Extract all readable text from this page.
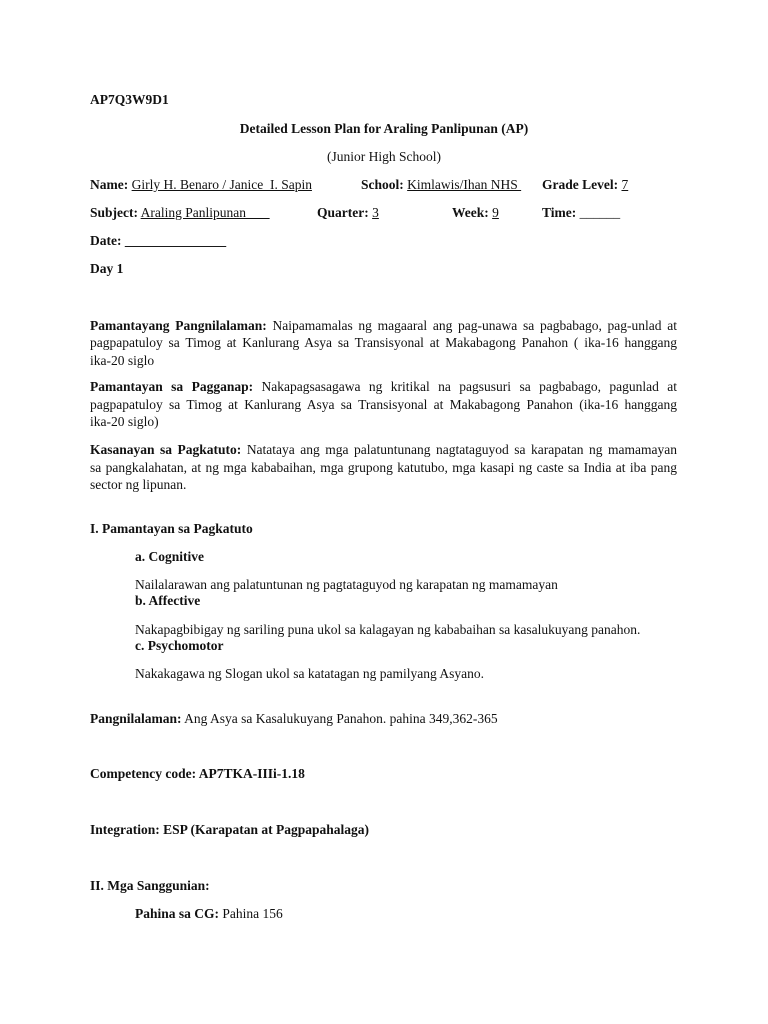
AP7Q3W9D1
Detailed Lesson Plan for Araling Panlipunan (AP)
(Junior High School)
Name: Girly H. Benaro / Janice  I. Sapin	School: Kimlawis/Ihan NHS Grade Level: 7
Subject: Araling Panlipunan	Quarter: 3	Week: 9	Time: ______
Date: _______________
Day 1
Pamantayang Pangnilalaman: Naipamamalas ng magaaral ang pag-unawa sa pagbabago, pag-unlad at
pagpapatuloy sa Timog at Kanlurang Asya sa Transisyonal at Makabagong Panahon ( ika-16 hanggang
ika-20 siglo
Pamantayan sa Pagganap: Nakapagsasagawa ng kritikal na pagsusuri sa pagbabago, pagunlad at
pagpapatuloy sa Timog at Kanlurang Asya sa Transisyonal at Makabagong Panahon (ika-16 hanggang
ika-20 siglo)
Kasanayan sa Pagkatuto: Natataya ang mga palatuntunang nagtataguyod sa karapatan ng mamamayan
sa pangkalahatan, at ng mga kababaihan, mga grupong katutubo, mga kasapi ng caste sa India at iba pang
sector ng lipunan.
I. Pamantayan sa Pagkatuto
a. Cognitive
Nailalarawan ang palatuntunan ng pagtataguyod ng karapatan ng mamamayan
b. Affective
Nakapagbibigay ng sariling puna ukol sa kalagayan ng kababaihan sa kasalukuyang panahon.
c. Psychomotor
Nakakagawa ng Slogan ukol sa katatagan ng pamilyang Asyano.
Pangnilalaman: Ang Asya sa Kasalukuyang Panahon. pahina 349,362-365
Competency code: AP7TKA-IIIi-1.18
Integration: ESP (Karapatan at Pagpapahalaga)
II. Mga Sanggunian:
Pahina sa CG: Pahina 156
